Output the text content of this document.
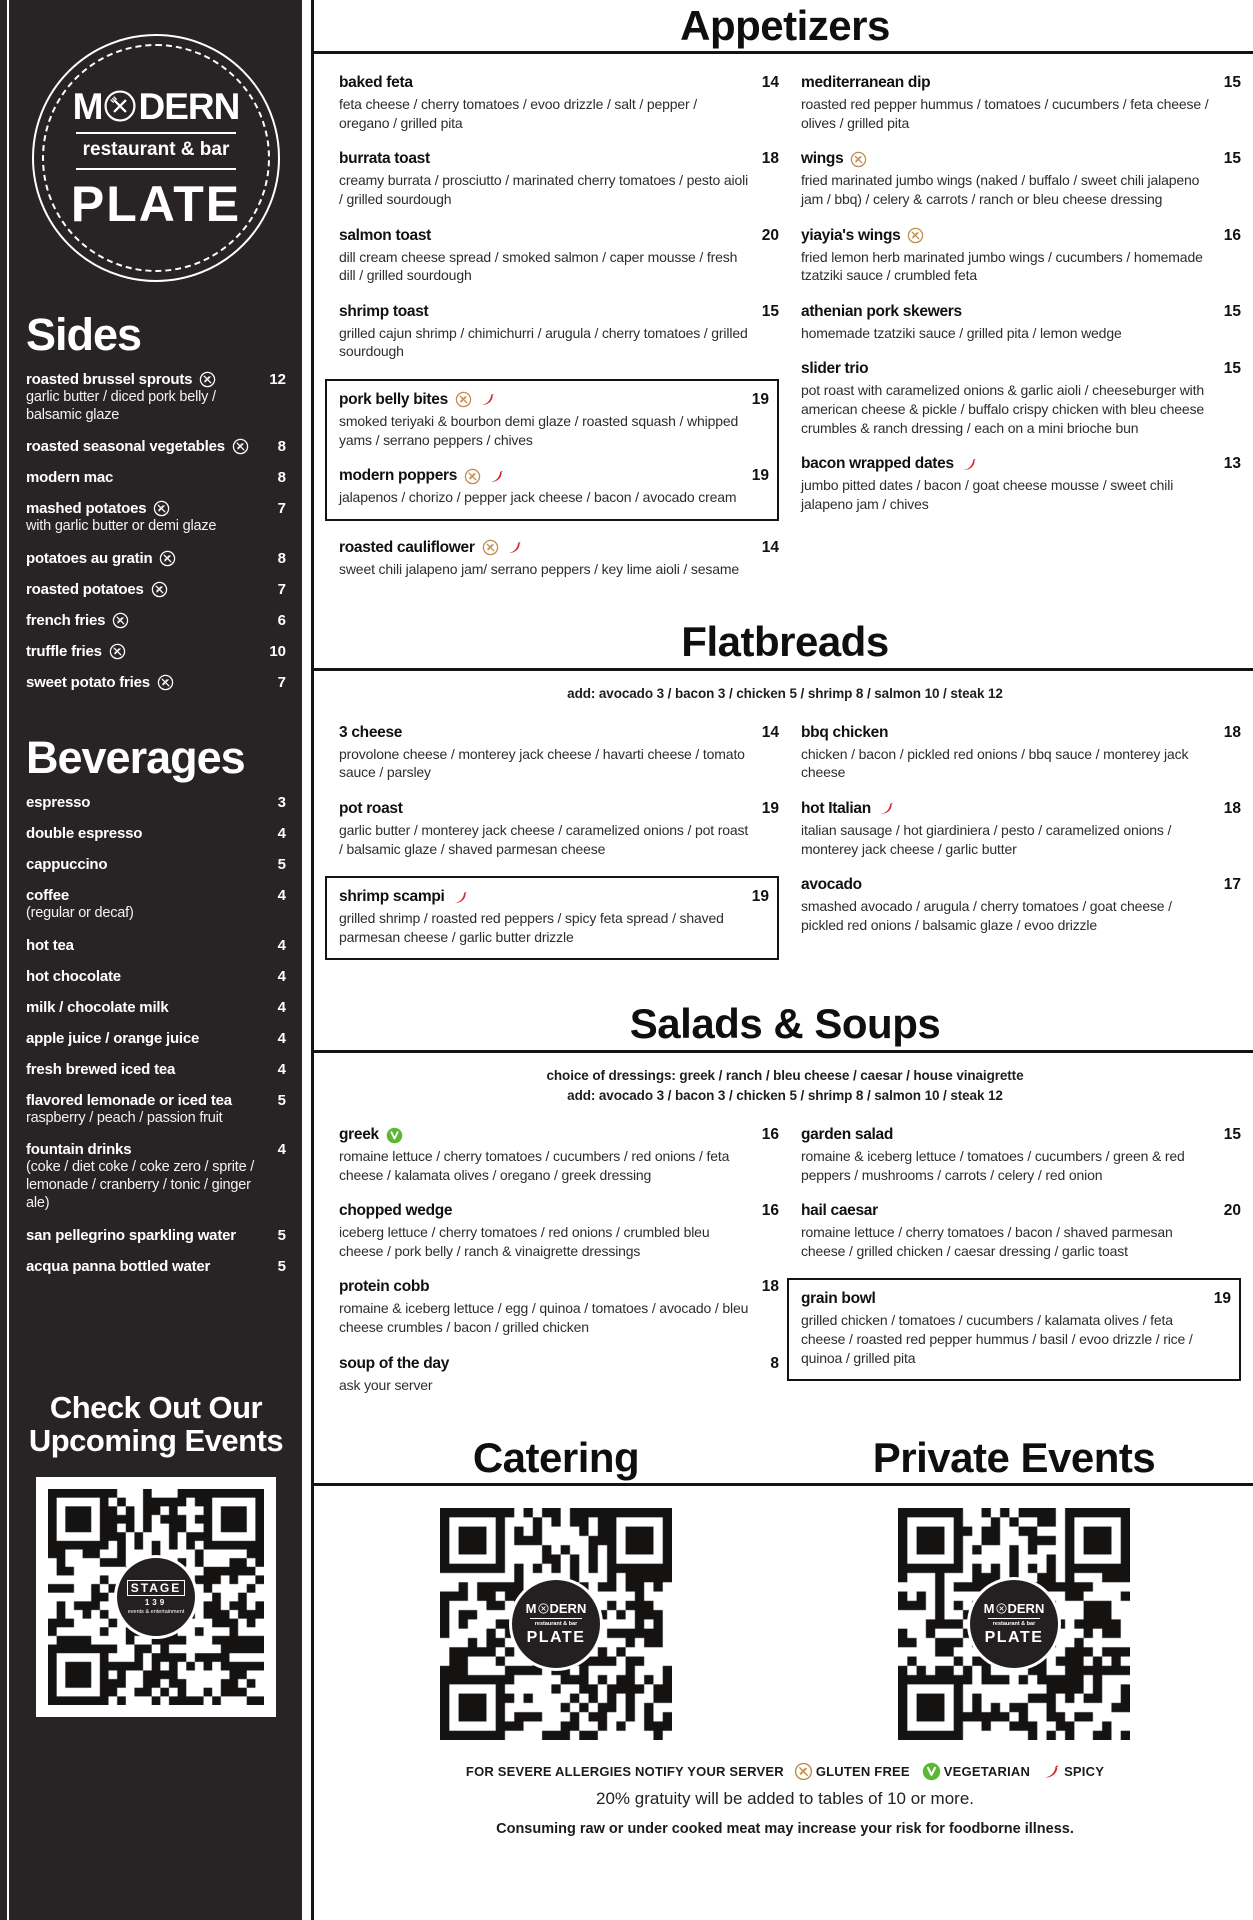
M DERN
restaurant & bar
PLATE
Sides
roasted brussel sprouts	12
garlic butter / diced pork belly / balsamic glaze
roasted seasonal vegetables	8
modern mac	8
mashed potatoes	7
with garlic butter or demi glaze
potatoes au gratin	8
roasted potatoes	7
french fries	6
truffle fries	10
sweet potato fries	7
Beverages
espresso	3
double espresso	4
cappuccino	5
coffee	4
(regular or decaf)
hot tea	4
hot chocolate	4
milk / chocolate milk	4
apple juice / orange juice	4
fresh brewed iced tea	4
flavored lemonade or iced tea	5
raspberry / peach / passion fruit
fountain drinks	4
(coke / diet coke / coke zero / sprite / lemonade / cranberry / tonic / ginger ale)
san pellegrino sparkling water	5
acqua panna bottled water	5
Check Out Our
Upcoming Events
STAGE
139
events & entertainment
Appetizers
baked feta	14
feta cheese / cherry tomatoes / evoo drizzle / salt / pepper / oregano / grilled pita
burrata toast	18
creamy burrata / prosciutto / marinated cherry tomatoes / pesto aioli / grilled sourdough
salmon toast	20
dill cream cheese spread / smoked salmon / caper mousse / fresh dill / grilled sourdough
shrimp toast	15
grilled cajun shrimp / chimichurri / arugula / cherry tomatoes / grilled sourdough
pork belly bites	19
smoked teriyaki & bourbon demi glaze / roasted squash / whipped yams / serrano peppers / chives
modern poppers	19
jalapenos / chorizo / pepper jack cheese / bacon / avocado cream
roasted cauliflower	14
sweet chili jalapeno jam/ serrano peppers / key lime aioli / sesame
mediterranean dip	15
roasted red pepper hummus / tomatoes / cucumbers / feta cheese / olives / grilled pita
wings	15
fried marinated jumbo wings (naked / buffalo / sweet chili jalapeno jam / bbq) / celery & carrots / ranch or bleu cheese dressing
yiayia's wings	16
fried lemon herb marinated jumbo wings / cucumbers / homemade tzatziki sauce / crumbled feta
athenian pork skewers	15
homemade tzatziki sauce / grilled pita / lemon wedge
slider trio	15
pot roast with caramelized onions & garlic aioli / cheeseburger with american cheese & pickle / buffalo crispy chicken with bleu cheese crumbles & ranch dressing / each on a mini brioche bun
bacon wrapped dates	13
jumbo pitted dates / bacon / goat cheese mousse / sweet chili jalapeno jam / chives
Flatbreads
add: avocado 3 / bacon 3 / chicken 5 / shrimp 8 / salmon 10 / steak 12
3 cheese	14
provolone cheese / monterey jack cheese / havarti cheese / tomato sauce / parsley
pot roast	19
garlic butter / monterey jack cheese / caramelized onions / pot roast / balsamic glaze / shaved parmesan cheese
shrimp scampi	19
grilled shrimp / roasted red peppers / spicy feta spread / shaved parmesan cheese / garlic butter drizzle
bbq chicken	18
chicken / bacon / pickled red onions / bbq sauce / monterey jack cheese
hot Italian	18
italian sausage / hot giardiniera / pesto / caramelized onions / monterey jack cheese / garlic butter
avocado	17
smashed avocado / arugula / cherry tomatoes / goat cheese / pickled red onions / balsamic glaze / evoo drizzle
Salads & Soups
choice of dressings: greek / ranch / bleu cheese / caesar / house vinaigrette
add: avocado 3 / bacon 3 / chicken 5 / shrimp 8 / salmon 10 / steak 12
greek	16
romaine lettuce / cherry tomatoes / cucumbers / red onions / feta cheese / kalamata olives / oregano / greek dressing
chopped wedge	16
iceberg lettuce / cherry tomatoes / red onions / crumbled bleu cheese / pork belly / ranch & vinaigrette dressings
protein cobb	18
romaine & iceberg lettuce / egg / quinoa / tomatoes / avocado / bleu cheese crumbles / bacon / grilled chicken
soup of the day	8
ask your server
garden salad	15
romaine & iceberg lettuce / tomatoes / cucumbers / green & red peppers / mushrooms / carrots / celery / red onion
hail caesar	20
romaine lettuce / cherry tomatoes / bacon / shaved parmesan cheese / grilled chicken / caesar dressing / garlic toast
grain bowl	19
grilled chicken / tomatoes / cucumbers / kalamata olives / feta cheese / roasted red pepper hummus / basil / evoo drizzle / rice / quinoa / grilled pita
Catering	Private Events
M DERN
restaurant & bar
PLATE
M DERN
restaurant & bar
PLATE
FOR SEVERE ALLERGIES NOTIFY YOUR SERVER GLUTEN FREE	VEGETARIAN	SPICY
20% gratuity will be added to tables of 10 or more.
Consuming raw or under cooked meat may increase your risk for foodborne illness.
